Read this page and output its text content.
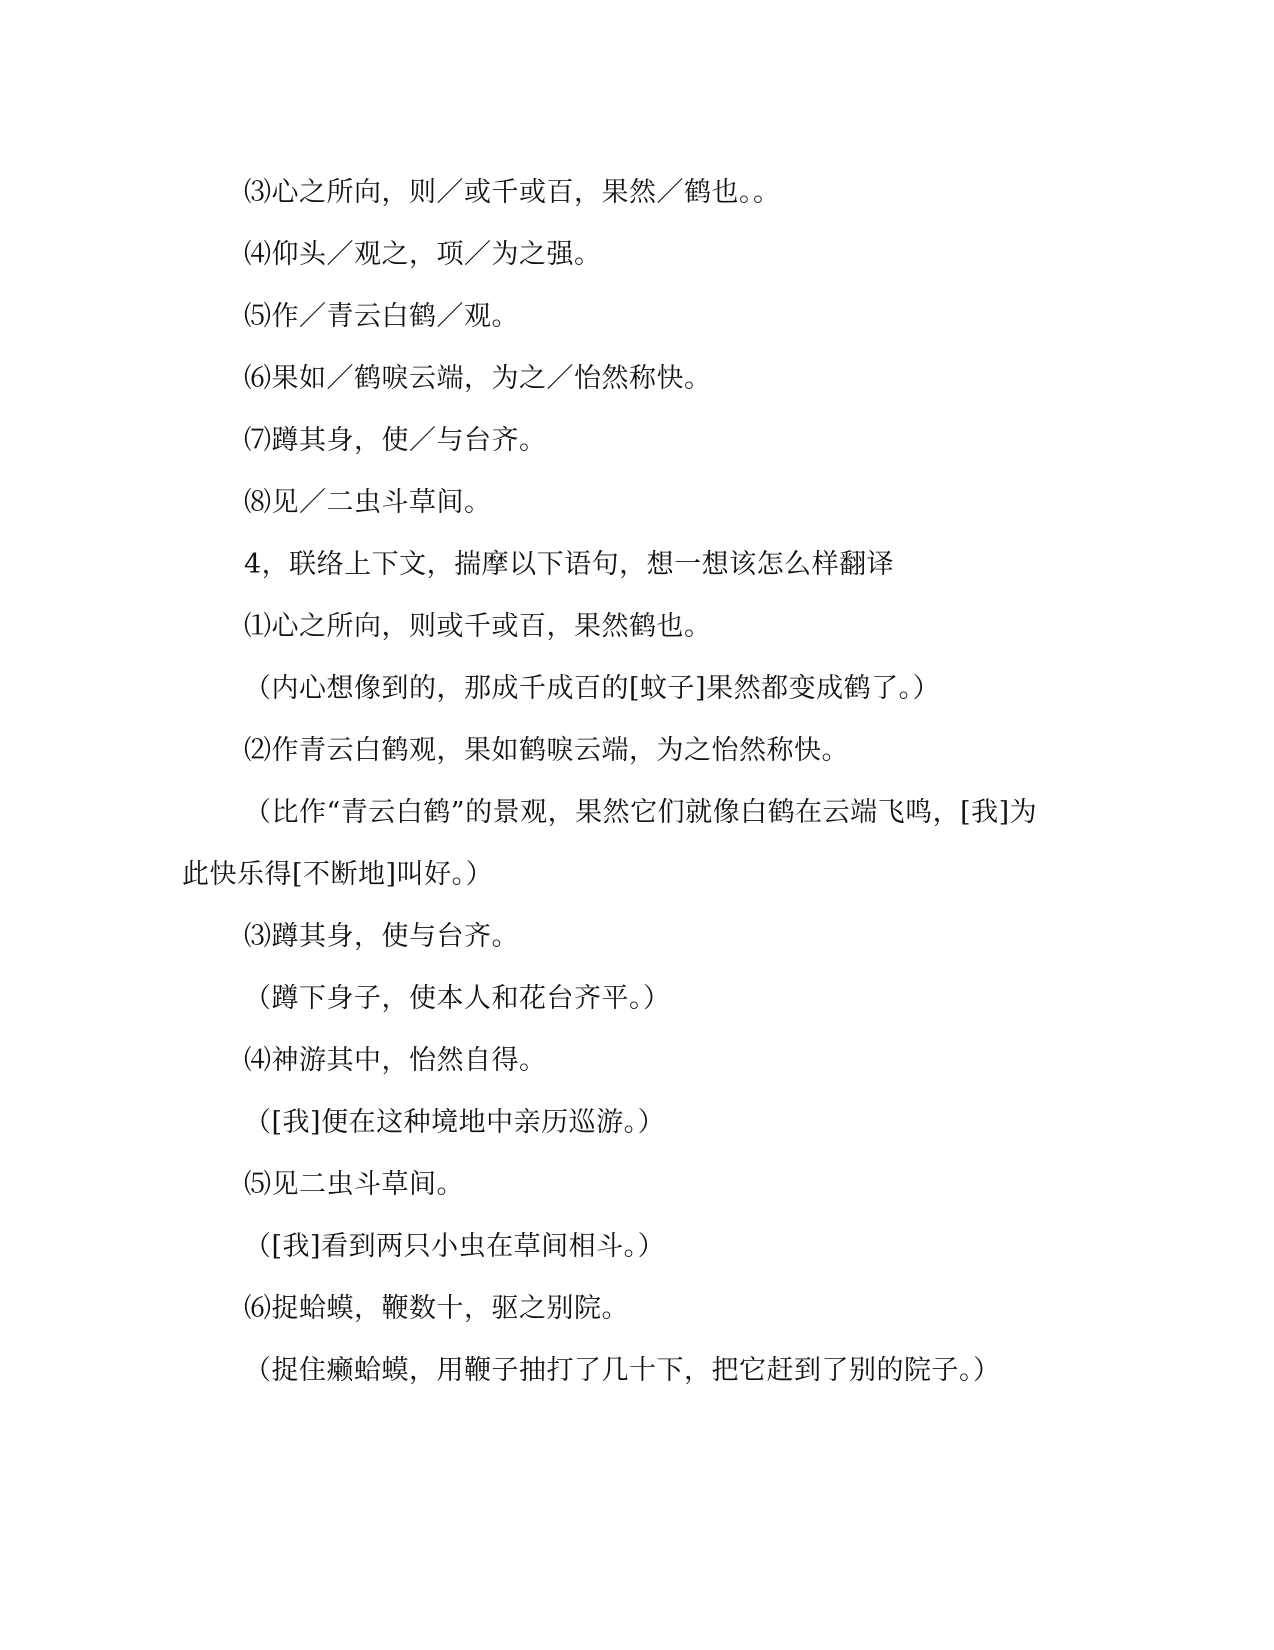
⑶心之所向，则／或千或百，果然／鹤也。。
⑷仰头／观之，项／为之强。
⑸作／青云白鹤／观。
⑹果如／鹤唳云端，为之／怡然称快。
⑺蹲其身，使／与台齐。
⑻见／二虫斗草间。
4，联络上下文，揣摩以下语句，想一想该怎么样翻译
⑴心之所向，则或千或百，果然鹤也。
（内心想像到的，那成千成百的[蚊子]果然都变成鹤了。）
⑵作青云白鹤观，果如鹤唳云端，为之怡然称快。
（比作“青云白鹤”的景观，果然它们就像白鹤在云端飞鸣，[我]为
此快乐得[不断地]叫好。）
⑶蹲其身，使与台齐。
（蹲下身子，使本人和花台齐平。）
⑷神游其中，怡然自得。
（[我]便在这种境地中亲历巡游。）
⑸见二虫斗草间。
（[我]看到两只小虫在草间相斗。）
⑹捉蛤蟆，鞭数十，驱之别院。
（捉住癞蛤蟆，用鞭子抽打了几十下，把它赶到了别的院子。）
